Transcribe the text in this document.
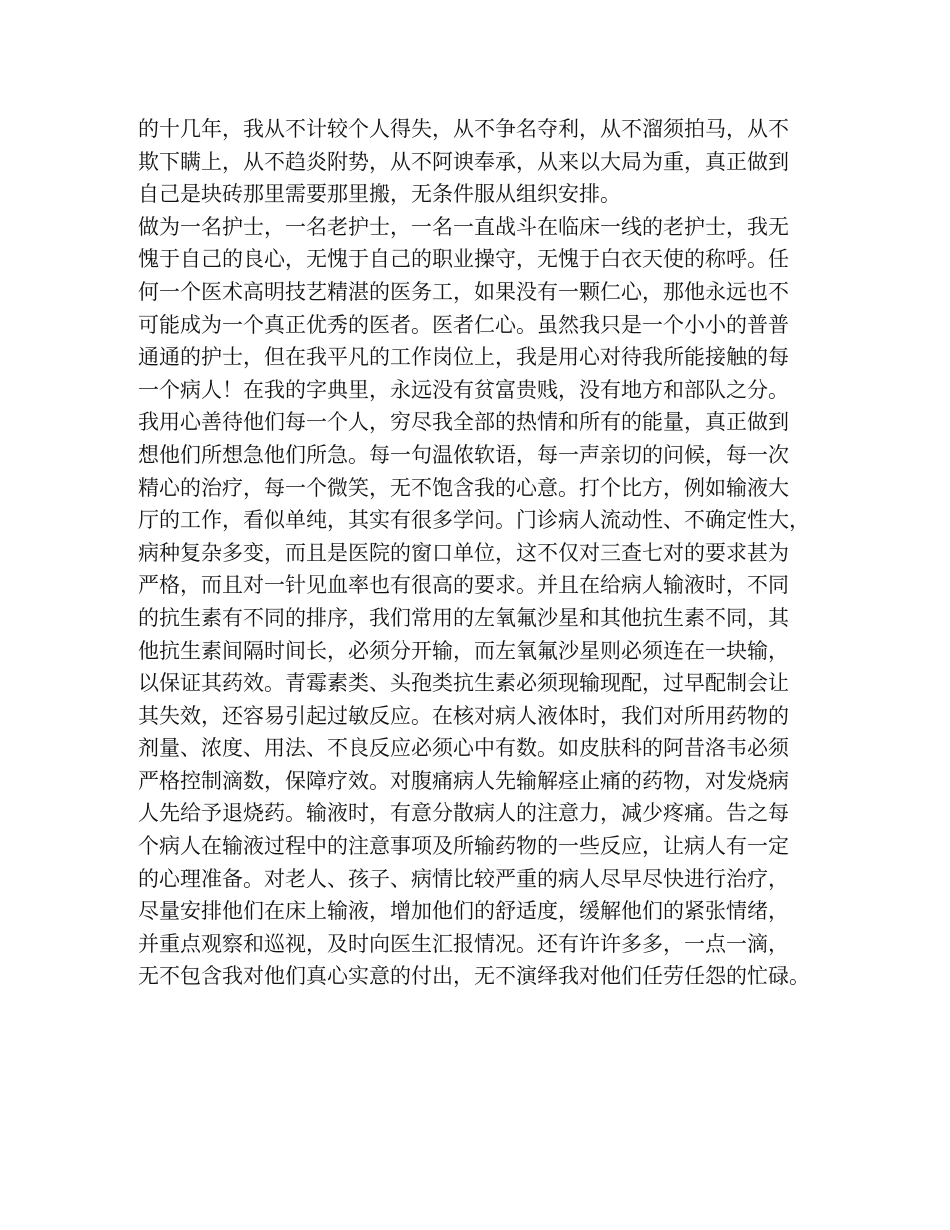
的十几年，我从不计较个人得失，从不争名夺利，从不溜须拍马，从不
欺下瞒上，从不趋炎附势，从不阿谀奉承，从来以大局为重，真正做到
自己是块砖那里需要那里搬，无条件服从组织安排。
做为一名护士，一名老护士，一名一直战斗在临床一线的老护士，我无
愧于自己的良心，无愧于自己的职业操守，无愧于白衣天使的称呼。任
何一个医术高明技艺精湛的医务工，如果没有一颗仁心，那他永远也不
可能成为一个真正优秀的医者。医者仁心。虽然我只是一个小小的普普
通通的护士，但在我平凡的工作岗位上，我是用心对待我所能接触的每
一个病人！在我的字典里，永远没有贫富贵贱，没有地方和部队之分。
我用心善待他们每一个人，穷尽我全部的热情和所有的能量，真正做到
想他们所想急他们所急。每一句温侬软语，每一声亲切的问候，每一次
精心的治疗，每一个微笑，无不饱含我的心意。打个比方，例如输液大
厅的工作，看似单纯，其实有很多学问。门诊病人流动性、不确定性大，
病种复杂多变，而且是医院的窗口单位，这不仅对三查七对的要求甚为
严格，而且对一针见血率也有很高的要求。并且在给病人输液时，不同
的抗生素有不同的排序，我们常用的左氧氟沙星和其他抗生素不同，其
他抗生素间隔时间长，必须分开输，而左氧氟沙星则必须连在一块输，
以保证其药效。青霉素类、头孢类抗生素必须现输现配，过早配制会让
其失效，还容易引起过敏反应。在核对病人液体时，我们对所用药物的
剂量、浓度、用法、不良反应必须心中有数。如皮肤科的阿昔洛韦必须
严格控制滴数，保障疗效。对腹痛病人先输解痉止痛的药物，对发烧病
人先给予退烧药。输液时，有意分散病人的注意力，减少疼痛。告之每
个病人在输液过程中的注意事项及所输药物的一些反应，让病人有一定
的心理准备。对老人、孩子、病情比较严重的病人尽早尽快进行治疗，
尽量安排他们在床上输液，增加他们的舒适度，缓解他们的紧张情绪，
并重点观察和巡视，及时向医生汇报情况。还有许许多多，一点一滴，
无不包含我对他们真心实意的付出，无不演绎我对他们任劳任怨的忙碌。
